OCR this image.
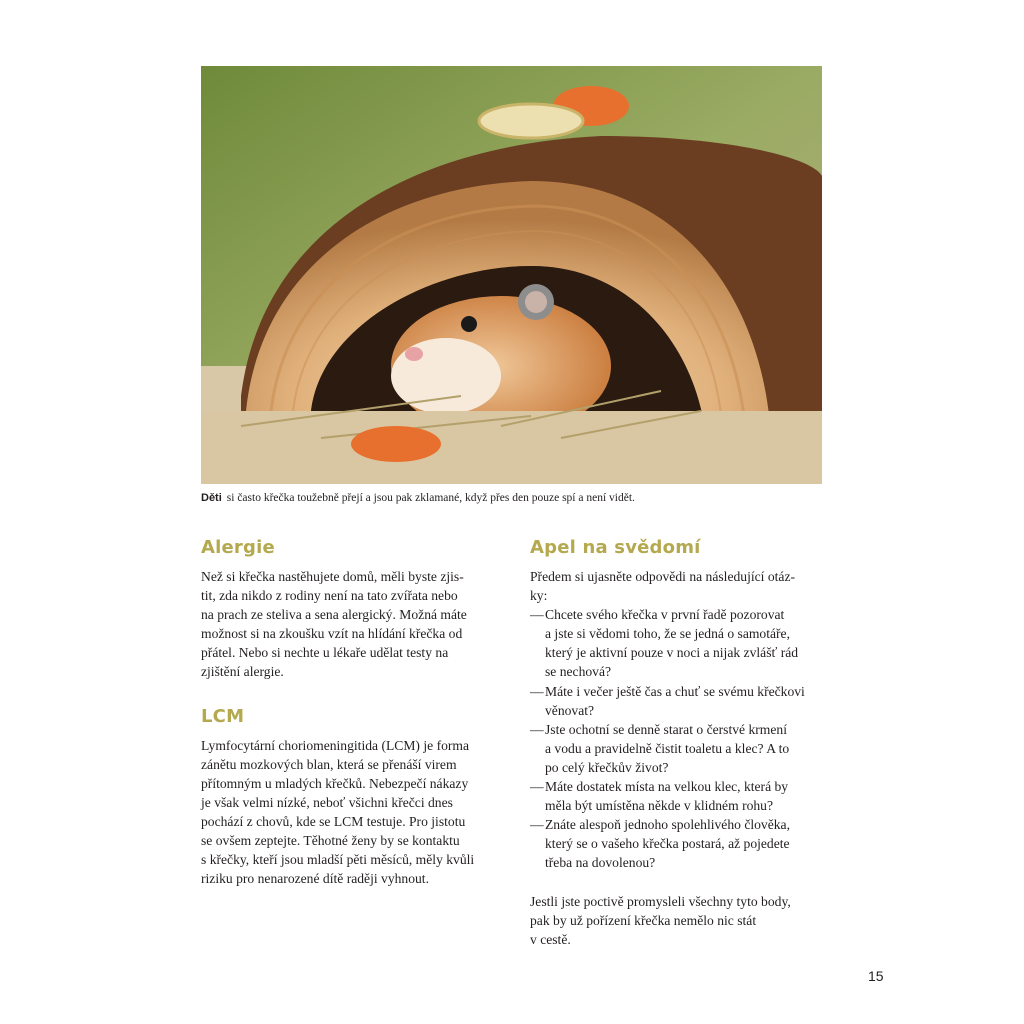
Děti si často křečka toužebně přejí a jsou pak zklamané, když přes den pouze spí a není vidět.
Alergie

Než si křečka nastěhujete domů, měli byste zjis-
tit, zda nikdo z rodiny není na tato zvířata nebo
na prach ze steliva a sena alergický. Možná máte
možnost si na zkoušku vzít na hlídání křečka od
přátel. Nebo si nechte u lékaře udělat testy na
zjištění alergie.

LCM

Lymfocytární choriomeningitida (LCM) je forma
zánětu mozkových blan, která se přenáší virem
přítomným u mladých křečků. Nebezpečí nákazy
je však velmi nízké, neboť všichni křečci dnes
pochází z chovů, kde se LCM testuje. Pro jistotu
se ovšem zeptejte. Těhotné ženy by se kontaktu
s křečky, kteří jsou mladší pěti měsíců, měly kvůli
riziku pro nenarozené dítě raději vyhnout.

Apel na svědomí

Předem si ujasněte odpovědi na následující otáz-
ky:

—Chcete svého křečka v první řadě pozorovat
a jste si vědomi toho, že se jedná o samotáře,
který je aktivní pouze v noci a nijak zvlášť rád
se nechová?
—Máte i večer ještě čas a chuť se svému křečkovi
věnovat?
—Jste ochotní se denně starat o čerstvé krmení
a vodu a pravidelně čistit toaletu a klec? A to
po celý křečkův život?
—Máte dostatek místa na velkou klec, která by
měla být umístěna někde v klidném rohu?
—Znáte alespoň jednoho spolehlivého člověka,
který se o vašeho křečka postará, až pojedete
třeba na dovolenou?

Jestli jste poctivě promysleli všechny tyto body,
pak by už pořízení křečka nemělo nic stát
v cestě.

15
